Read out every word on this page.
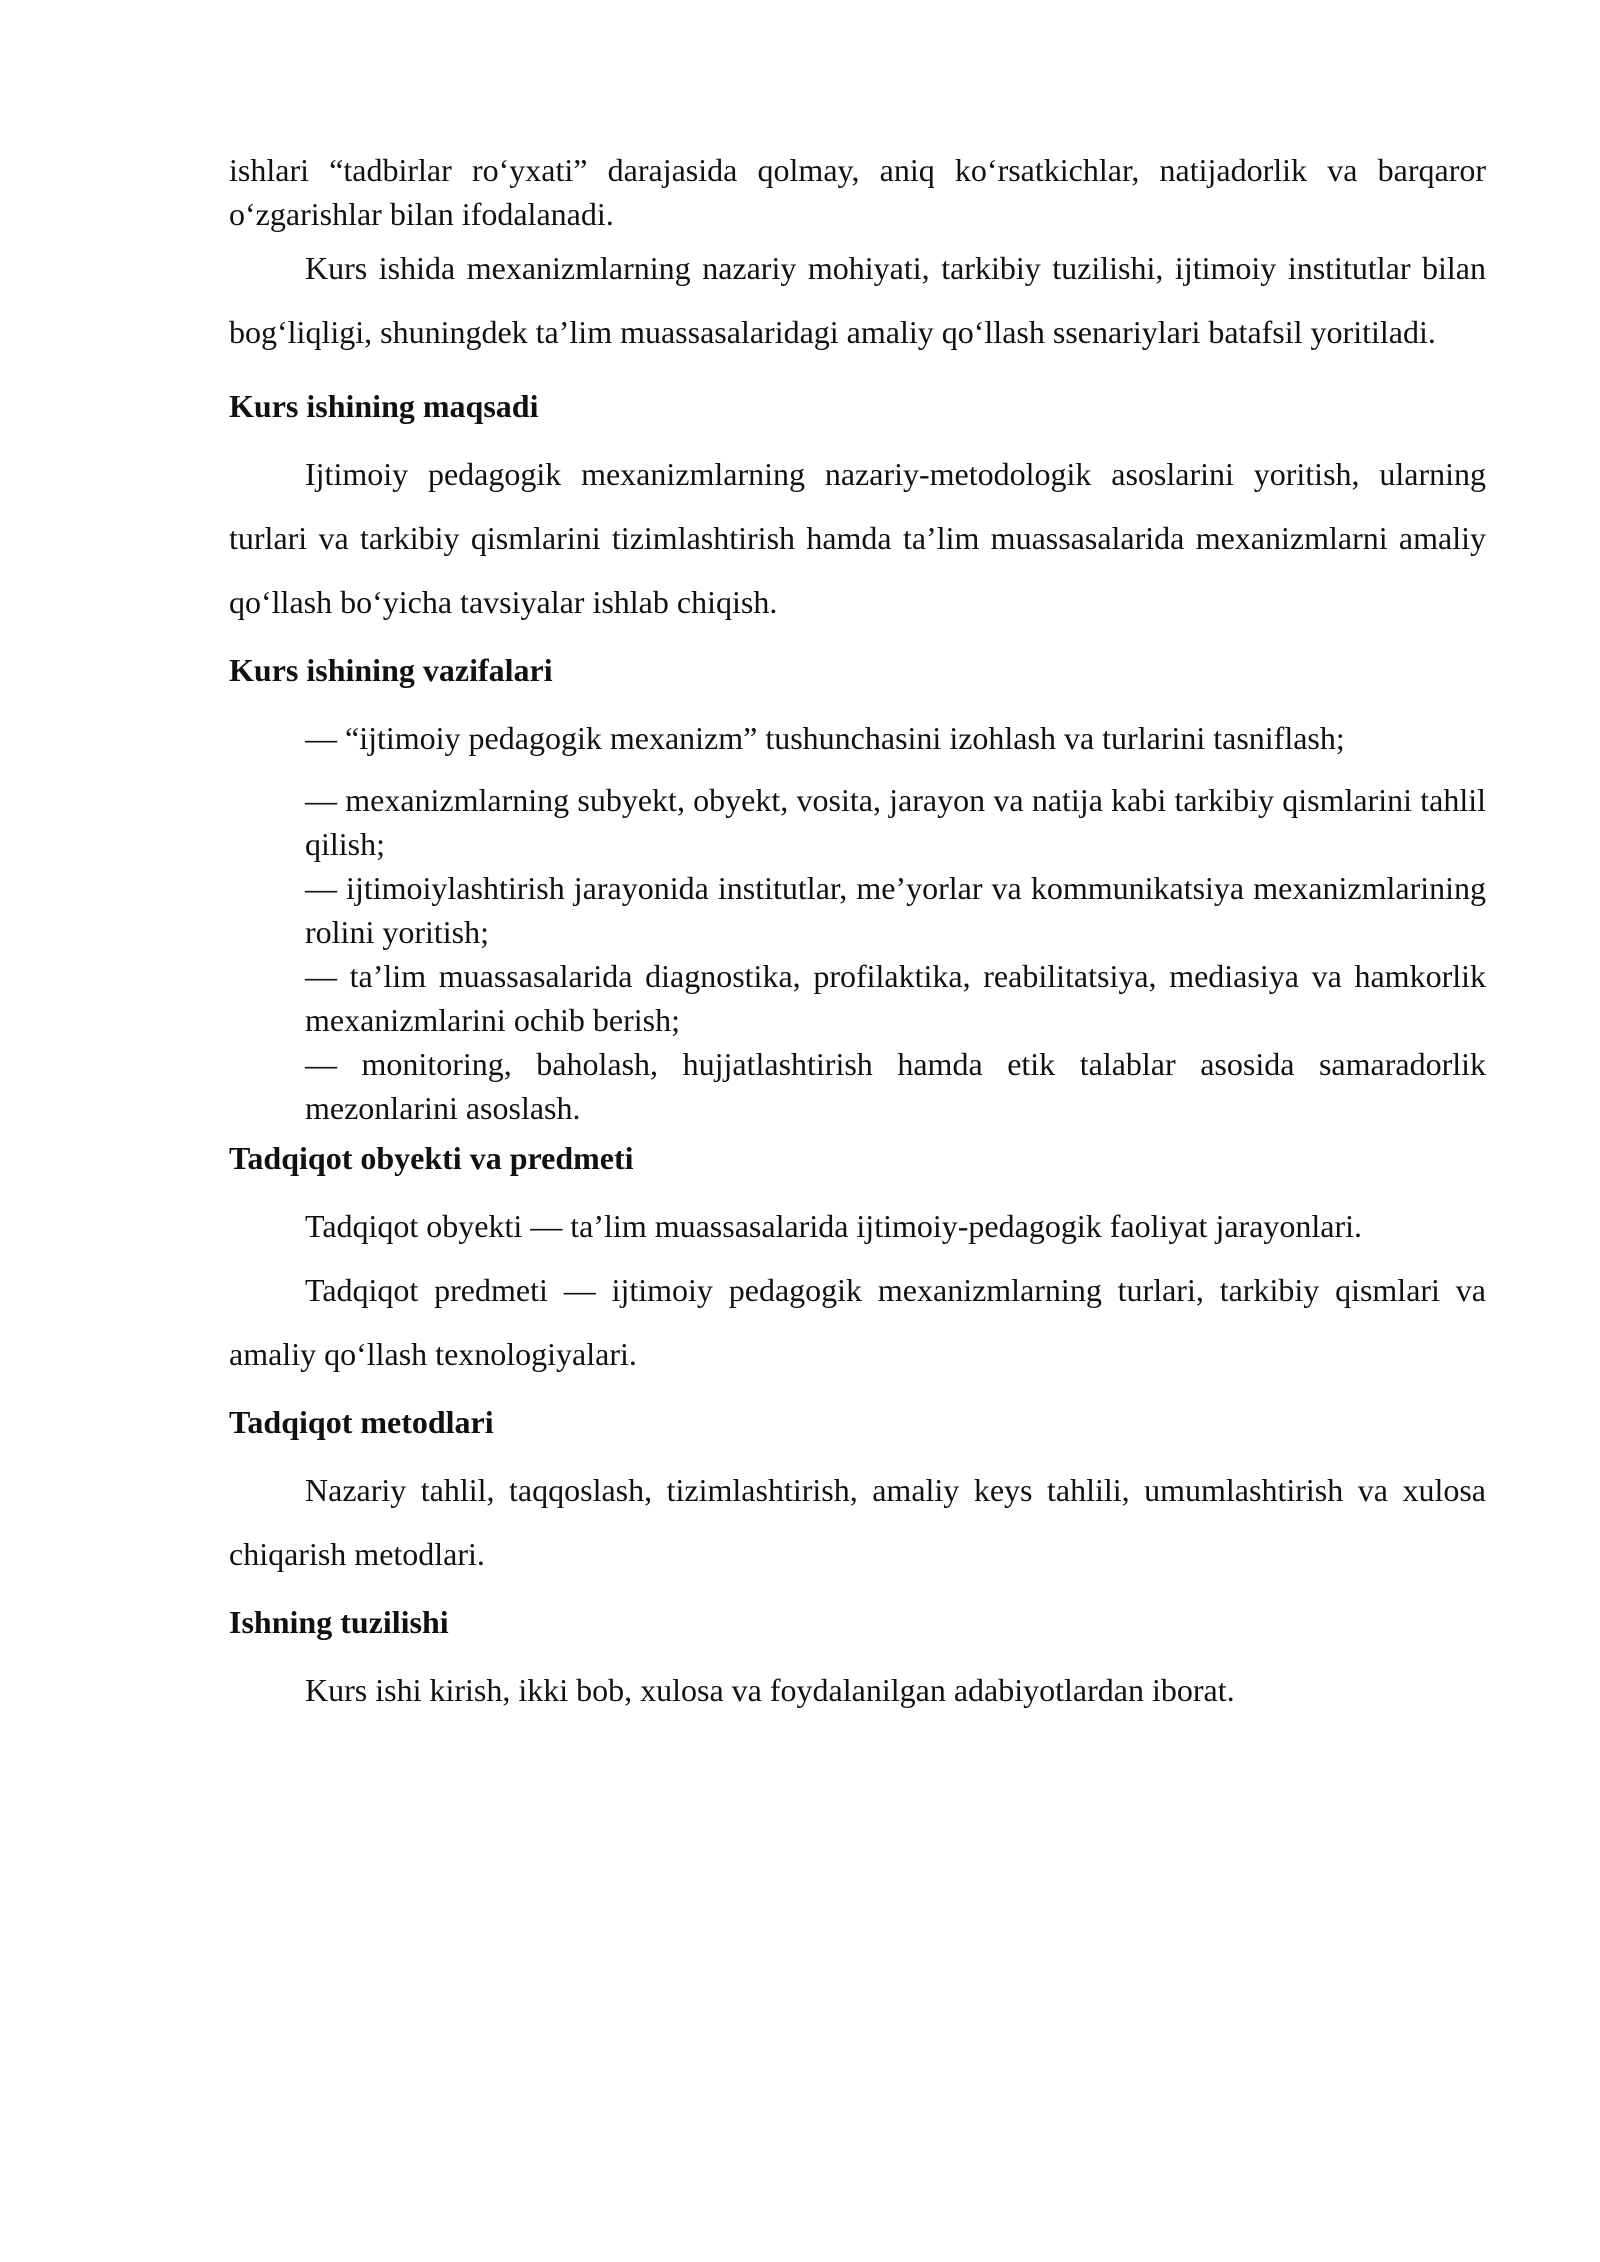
ishlari “tadbirlar ro‘yxati” darajasida qolmay, aniq ko‘rsatkichlar, natijadorlik va barqaror o‘zgarishlar bilan ifodalanadi.

Kurs ishida mexanizmlarning nazariy mohiyati, tarkibiy tuzilishi, ijtimoiy institutlar bilan bog‘liqligi, shuningdek ta’lim muassasalaridagi amaliy qo‘llash ssenariylari batafsil yoritiladi.

Kurs ishining maqsadi

Ijtimoiy pedagogik mexanizmlarning nazariy-metodologik asoslarini yoritish, ularning turlari va tarkibiy qismlarini tizimlashtirish hamda ta’lim muassasalarida mexanizmlarni amaliy qo‘llash bo‘yicha tavsiyalar ishlab chiqish.

Kurs ishining vazifalari

— “ijtimoiy pedagogik mexanizm” tushunchasini izohlash va turlarini tasniflash;

— mexanizmlarning subyekt, obyekt, vosita, jarayon va natija kabi tarkibiy qismlarini tahlil qilish;

— ijtimoiylashtirish jarayonida institutlar, me’yorlar va kommunikatsiya mexanizmlarining rolini yoritish;

— ta’lim muassasalarida diagnostika, profilaktika, reabilitatsiya, mediasiya va hamkorlik mexanizmlarini ochib berish;

— monitoring, baholash, hujjatlashtirish hamda etik talablar asosida samaradorlik mezonlarini asoslash.

Tadqiqot obyekti va predmeti

Tadqiqot obyekti — ta’lim muassasalarida ijtimoiy-pedagogik faoliyat jarayonlari.

Tadqiqot predmeti — ijtimoiy pedagogik mexanizmlarning turlari, tarkibiy qismlari va amaliy qo‘llash texnologiyalari.

Tadqiqot metodlari

Nazariy tahlil, taqqoslash, tizimlashtirish, amaliy keys tahlili, umumlashtirish va xulosa chiqarish metodlari.

Ishning tuzilishi

Kurs ishi kirish, ikki bob, xulosa va foydalanilgan adabiyotlardan iborat.
